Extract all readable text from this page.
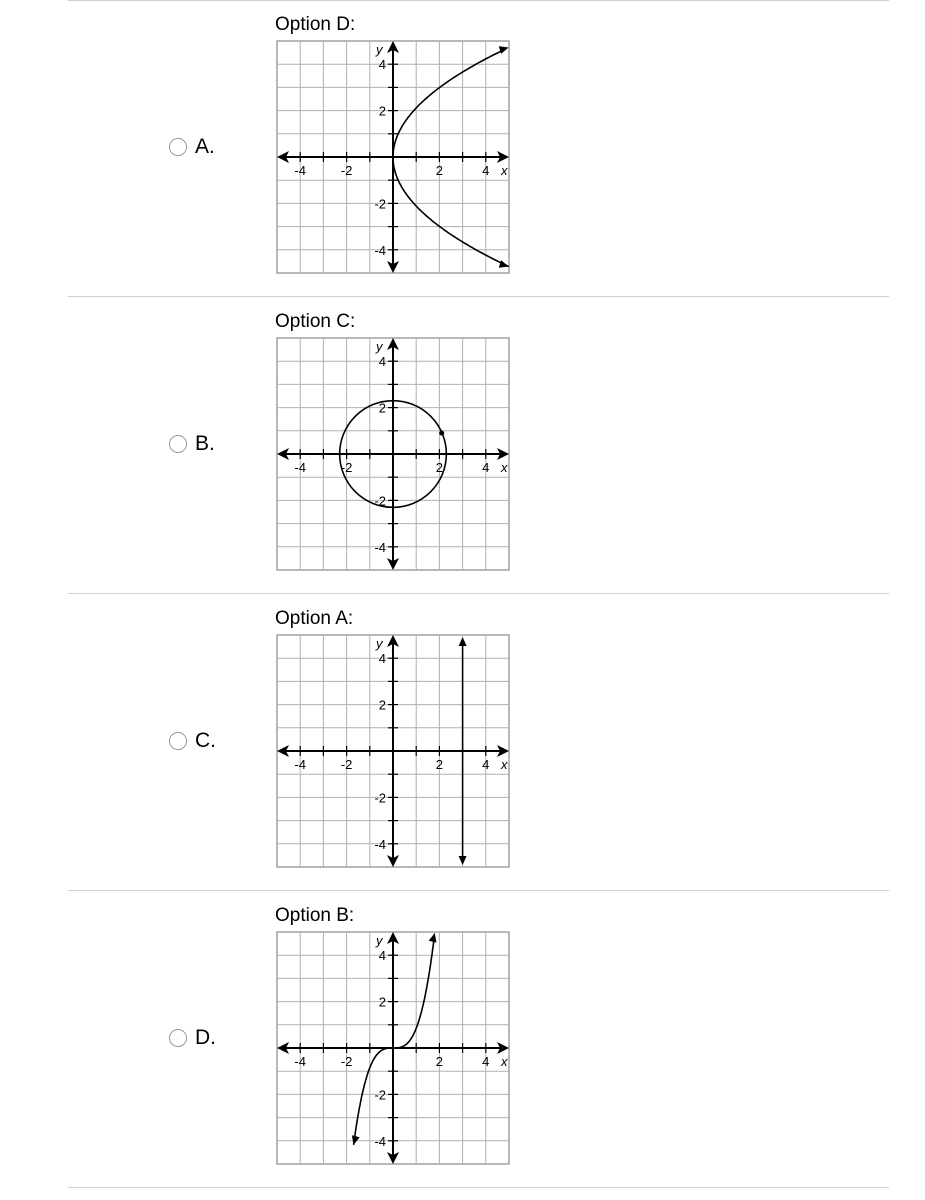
A.
Option D:
-4	-2	2	4
-4
-2
2
4
x
y
B.
Option C:
-4	-2	2	4
-4
-2
2
4
x
y
C.
Option A:
-4	-2	2	4
-4
-2
2
4
x
y
D.
Option B:
-4	-2	2	4
-4
-2
2
4
x
y
